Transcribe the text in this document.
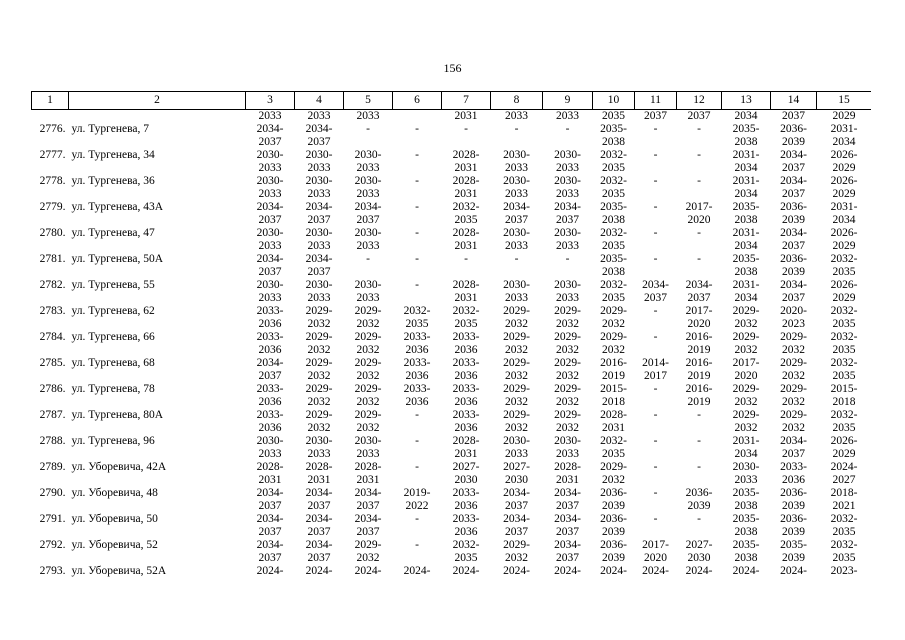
156
1	2	3	4	5	6	7	8	9	10	11	12	13	14	15
		2033	2033	2033		2031	2033	2033	2035	2037	2037	2034	2037	2029
2776.	ул. Тургенева, 7	2034-
2037	2034-
2037	-	-	-	-	-	2035-
2038	-	-	2035-
2038	2036-
2039	2031-
2034

2777.	ул. Тургенева, 34	2030-
2033	2030-
2033	2030-
2033	-	2028-
2031	2030-
2033	2030-
2033	2032-
2035	-	-	2031-
2034	2034-
2037	2026-
2029

2778.	ул. Тургенева, 36	2030-
2033	2030-
2033	2030-
2033	-	2028-
2031	2030-
2033	2030-
2033	2032-
2035	-	-	2031-
2034	2034-
2037	2026-
2029

2779.	ул. Тургенева, 43А	2034-
2037	2034-
2037	2034-
2037	-	2032-
2035	2034-
2037	2034-
2037	2035-
2038	-	2017-
2020	2035-
2038	2036-
2039	2031-
2034

2780.	ул. Тургенева, 47	2030-
2033	2030-
2033	2030-
2033	-	2028-
2031	2030-
2033	2030-
2033	2032-
2035	-	-	2031-
2034	2034-
2037	2026-
2029

2781.	ул. Тургенева, 50А	2034-
2037	2034-
2037	-	-	-	-	-	2035-
2038	-	-	2035-
2038	2036-
2039	2032-
2035

2782.	ул. Тургенева, 55	2030-
2033	2030-
2033	2030-
2033	-	2028-
2031	2030-
2033	2030-
2033	2032-
2035	2034-
2037	2034-
2037	2031-
2034	2034-
2037	2026-
2029

2783.	ул. Тургенева, 62	2033-
2036	2029-
2032	2029-
2032	2032-
2035	2032-
2035	2029-
2032	2029-
2032	2029-
2032	-	2017-
2020	2029-
2032	2020-
2023	2032-
2035

2784.	ул. Тургенева, 66	2033-
2036	2029-
2032	2029-
2032	2033-
2036	2033-
2036	2029-
2032	2029-
2032	2029-
2032	-	2016-
2019	2029-
2032	2029-
2032	2032-
2035

2785.	ул. Тургенева, 68	2034-
2037	2029-
2032	2029-
2032	2033-
2036	2033-
2036	2029-
2032	2029-
2032	2016-
2019	2014-
2017	2016-
2019	2017-
2020	2029-
2032	2032-
2035

2786.	ул. Тургенева, 78	2033-
2036	2029-
2032	2029-
2032	2033-
2036	2033-
2036	2029-
2032	2029-
2032	2015-
2018	-	2016-
2019	2029-
2032	2029-
2032	2015-
2018

2787.	ул. Тургенева, 80А	2033-
2036	2029-
2032	2029-
2032	-	2033-
2036	2029-
2032	2029-
2032	2028-
2031	-	-	2029-
2032	2029-
2032	2032-
2035

2788.	ул. Тургенева, 96	2030-
2033	2030-
2033	2030-
2033	-	2028-
2031	2030-
2033	2030-
2033	2032-
2035	-	-	2031-
2034	2034-
2037	2026-
2029

2789.	ул. Уборевича, 42А	2028-
2031	2028-
2031	2028-
2031	-	2027-
2030	2027-
2030	2028-
2031	2029-
2032	-	-	2030-
2033	2033-
2036	2024-
2027

2790.	ул. Уборевича, 48	2034-
2037	2034-
2037	2034-
2037	2019-
2022	2033-
2036	2034-
2037	2034-
2037	2036-
2039	-	2036-
2039	2035-
2038	2036-
2039	2018-
2021

2791.	ул. Уборевича, 50	2034-
2037	2034-
2037	2034-
2037	-	2033-
2036	2034-
2037	2034-
2037	2036-
2039	-	-	2035-
2038	2036-
2039	2032-
2035

2792.	ул. Уборевича, 52	2034-
2037	2034-
2037	2029-
2032	-	2032-
2035	2029-
2032	2034-
2037	2036-
2039	2017-
2020	2027-
2030	2035-
2038	2035-
2039	2032-
2035

2793.	ул. Уборевича, 52А	2024-	2024-	2024-	2024-	2024-	2024-	2024-	2024-	2024-	2024-	2024-	2024-	2023-
